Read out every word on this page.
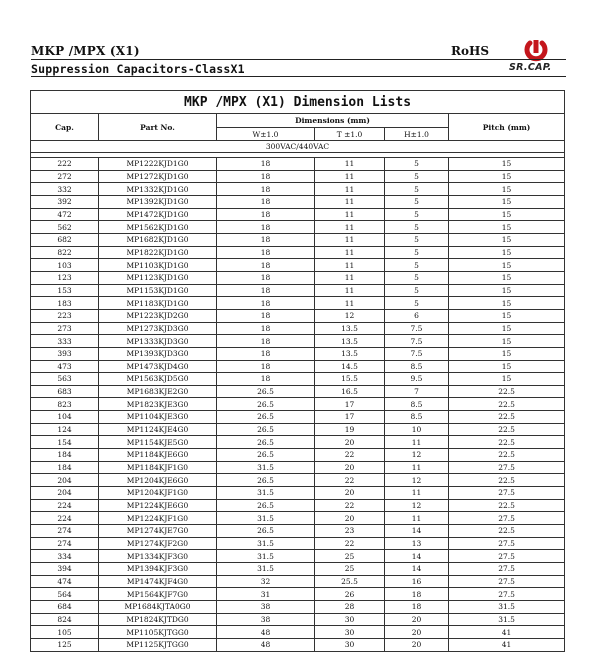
MKP /MPX (X1)	RoHS
SR.CAP.
Suppression Capacitors-ClassX1
MKP /MPX (X1) Dimension Lists					
Cap.	Part No.	Dimensions (mm)			Pitch (mm)
		W±1.0	T ±1.0	H±1.0	
300VAC/440VAC					

222	MP1222KJD1G0	18	11	5	15
272	MP1272KJD1G0	18	11	5	15
332	MP1332KJD1G0	18	11	5	15
392	MP1392KJD1G0	18	11	5	15
472	MP1472KJD1G0	18	11	5	15
562	MP1562KJD1G0	18	11	5	15
682	MP1682KJD1G0	18	11	5	15
822	MP1822KJD1G0	18	11	5	15
103	MP1103KJD1G0	18	11	5	15
123	MP1123KJD1G0	18	11	5	15
153	MP1153KJD1G0	18	11	5	15
183	MP1183KJD1G0	18	11	5	15
223	MP1223KJD2G0	18	12	6	15
273	MP1273KJD3G0	18	13.5	7.5	15
333	MP1333KJD3G0	18	13.5	7.5	15
393	MP1393KJD3G0	18	13.5	7.5	15
473	MP1473KJD4G0	18	14.5	8.5	15
563	MP1563KJD5G0	18	15.5	9.5	15
683	MP1683KJE2G0	26.5	16.5	7	22.5
823	MP1823KJE3G0	26.5	17	8.5	22.5
104	MP1104KJE3G0	26.5	17	8.5	22.5
124	MP1124KJE4G0	26.5	19	10	22.5
154	MP1154KJE5G0	26.5	20	11	22.5
184	MP1184KJE6G0	26.5	22	12	22.5
184	MP1184KJF1G0	31.5	20	11	27.5
204	MP1204KJE6G0	26.5	22	12	22.5
204	MP1204KJF1G0	31.5	20	11	27.5
224	MP1224KJE6G0	26.5	22	12	22.5
224	MP1224KJF1G0	31.5	20	11	27.5
274	MP1274KJE7G0	26.5	23	14	22.5
274	MP1274KJF2G0	31.5	22	13	27.5
334	MP1334KJF3G0	31.5	25	14	27.5
394	MP1394KJF3G0	31.5	25	14	27.5
474	MP1474KJF4G0	32	25.5	16	27.5
564	MP1564KJF7G0	31	26	18	27.5
684	MP1684KJTA0G0	38	28	18	31.5
824	MP1824KJTDG0	38	30	20	31.5
105	MP1105KJTGG0	48	30	20	41
125	MP1125KJTGG0	48	30	20	41
